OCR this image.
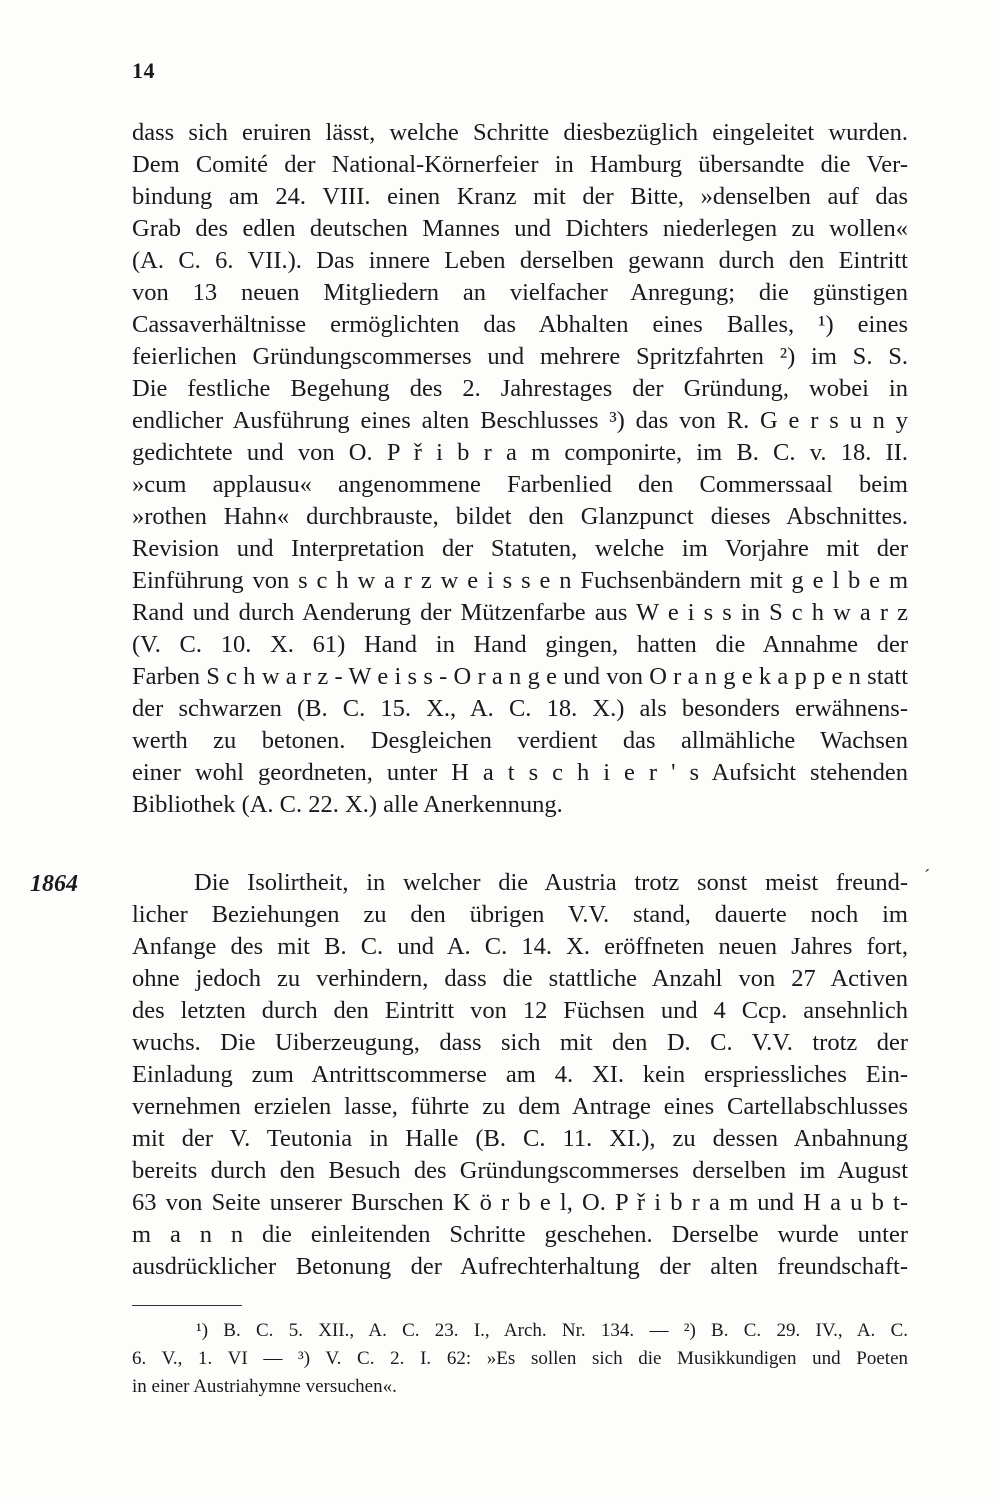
14
dass sich eruiren lässt, welche Schritte diesbezüglich eingeleitet wurden.
Dem Comité der National-Körnerfeier in Hamburg übersandte die Ver-
bindung am 24. VIII. einen Kranz mit der Bitte, »denselben auf das
Grab des edlen deutschen Mannes und Dichters niederlegen zu wollen«
(A. C. 6. VII.). Das innere Leben derselben gewann durch den Eintritt
von 13 neuen Mitgliedern an vielfacher Anregung; die günstigen
Cassaverhältnisse ermöglichten das Abhalten eines Balles, ¹) eines
feierlichen Gründungscommerses und mehrere Spritzfahrten ²) im S. S.
Die festliche Begehung des 2. Jahrestages der Gründung, wobei in
endlicher Ausführung eines alten Beschlusses ³) das von R. G e r s u n y
gedichtete und von O. P ř i b r a m componirte, im B. C. v. 18. II.
»cum applausu« angenommene Farbenlied den Commerssaal beim
»rothen Hahn« durchbrauste, bildet den Glanzpunct dieses Abschnittes.
Revision und Interpretation der Statuten, welche im Vorjahre mit der
Einführung von s c h w a r z w e i s s e n Fuchsenbändern mit g e l b e m
Rand und durch Aenderung der Mützenfarbe aus W e i s s in S c h w a r z
(V. C. 10. X. 61) Hand in Hand gingen, hatten die Annahme der
Farben S c h w a r z - W e i s s - O r a n g e und von O r a n g e k a p p e n statt
der schwarzen (B. C. 15. X., A. C. 18. X.) als besonders erwähnens-
werth zu betonen. Desgleichen verdient das allmähliche Wachsen
einer wohl geordneten, unter H a t s c h i e r ' s Aufsicht stehenden
Bibliothek (A. C. 22. X.) alle Anerkennung.
1864	´
Die Isolirtheit, in welcher die Austria trotz sonst meist freund-
licher Beziehungen zu den übrigen V.V. stand, dauerte noch im
Anfange des mit B. C. und A. C. 14. X. eröffneten neuen Jahres fort,
ohne jedoch zu verhindern, dass die stattliche Anzahl von 27 Activen
des letzten durch den Eintritt von 12 Füchsen und 4 Ccp. ansehnlich
wuchs. Die Uiberzeugung, dass sich mit den D. C. V.V. trotz der
Einladung zum Antrittscommerse am 4. XI. kein erspriessliches Ein-
vernehmen erzielen lasse, führte zu dem Antrage eines Cartellabschlusses
mit der V. Teutonia in Halle (B. C. 11. XI.), zu dessen Anbahnung
bereits durch den Besuch des Gründungscommerses derselben im August
63 von Seite unserer Burschen K ö r b e l, O. P ř i b r a m und H a u b t-
m a n n die einleitenden Schritte geschehen. Derselbe wurde unter
ausdrücklicher Betonung der Aufrechterhaltung der alten freundschaft-
¹) B. C. 5. XII., A. C. 23. I., Arch. Nr. 134. — ²) B. C. 29. IV., A. C.
6. V., 1. VI — ³) V. C. 2. I. 62: »Es sollen sich die Musikkundigen und Poeten
in einer Austriahymne versuchen«.
